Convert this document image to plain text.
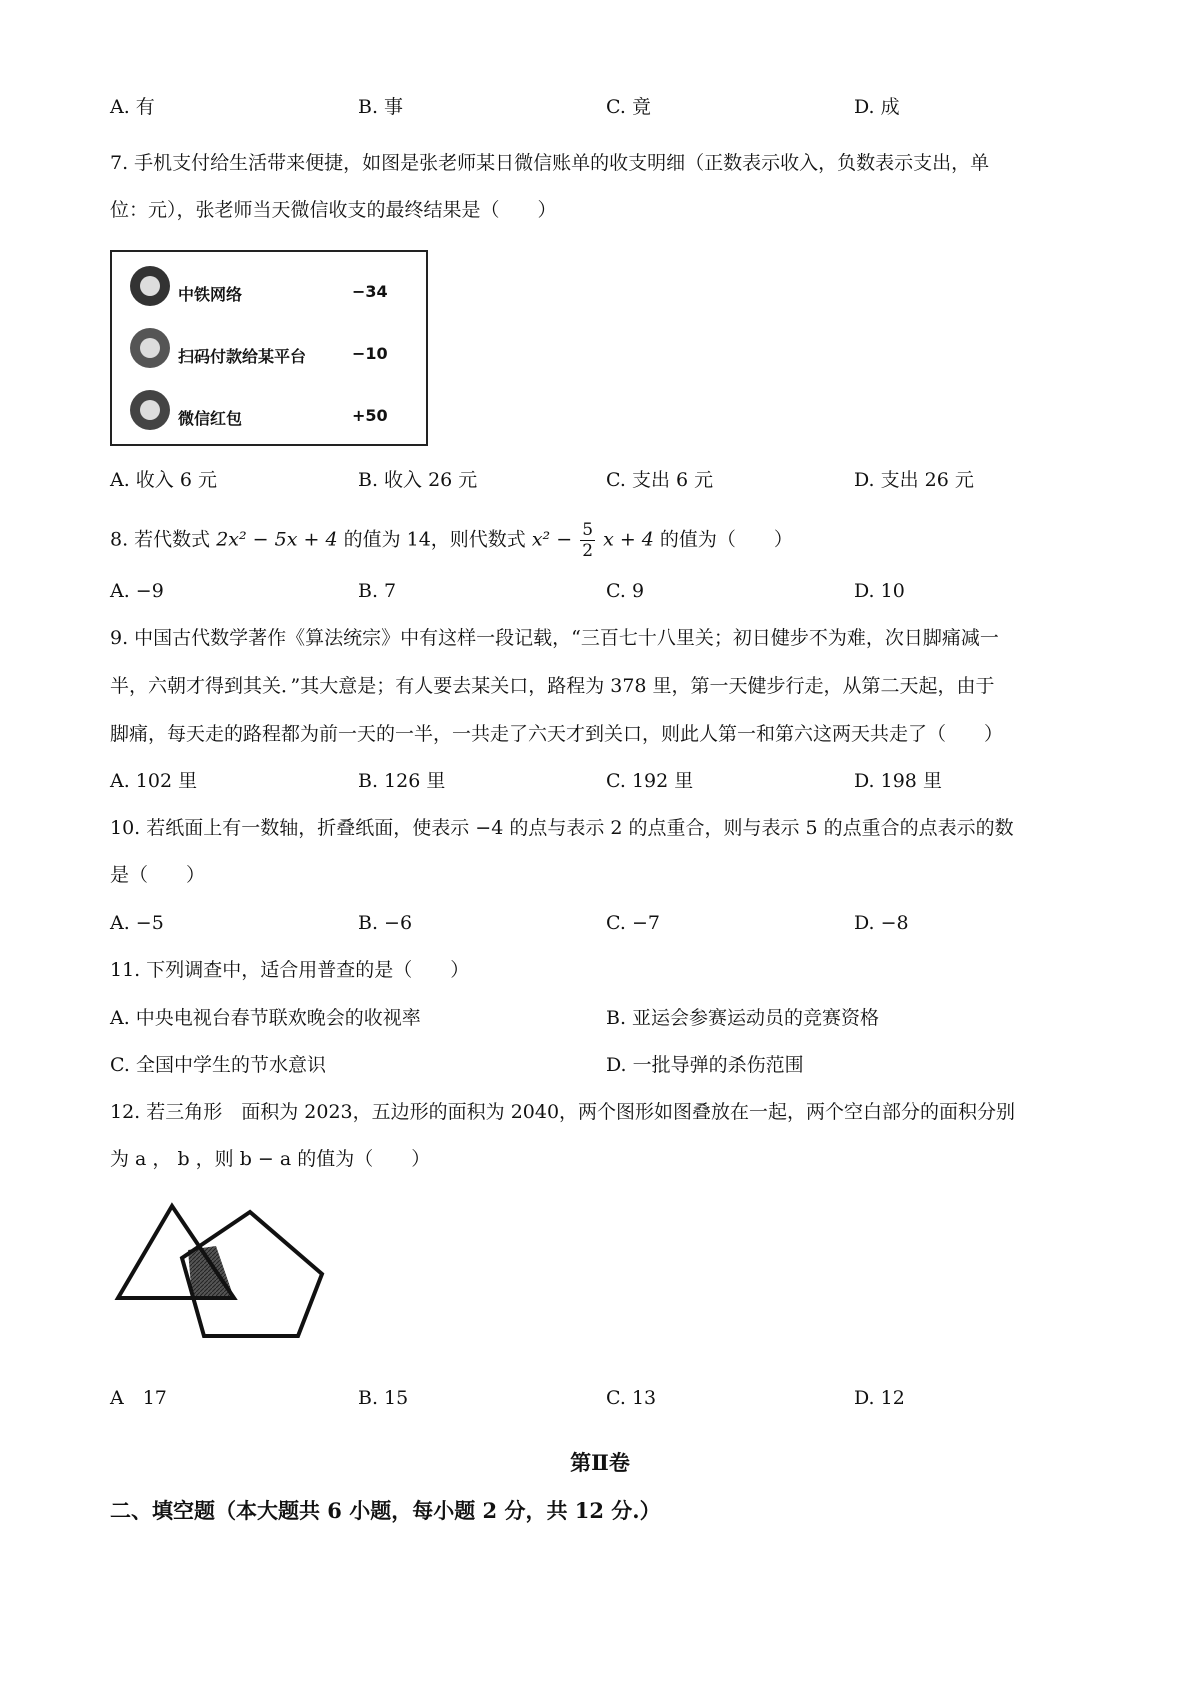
A. 有	B. 事	C. 竟	D. 成
7. 手机支付给生活带来便捷，如图是张老师某日微信账单的收支明细（正数表示收入，负数表示支出，单
位：元），张老师当天微信收支的最终结果是（　　）
中铁网络	−34
扫码付款给某平台	−10
微信红包	+50
A. 收入 6 元	B. 收入 26 元	C. 支出 6 元	D. 支出 26 元
8. 若代数式 2x² − 5x + 4 的值为 14，则代数式 $x^2 - \frac{5}{2}$ x + 4 的值为（　　）
A. −9	B. 7	C. 9	D. 10
9. 中国古代数学著作《算法统宗》中有这样一段记载，“三百七十八里关；初日健步不为难，次日脚痛减一
半，六朝才得到其关．”其大意是；有人要去某关口，路程为 378 里，第一天健步行走，从第二天起，由于
脚痛，每天走的路程都为前一天的一半，一共走了六天才到关口，则此人第一和第六这两天共走了（　　）
A. 102 里	B. 126 里	C. 192 里	D. 198 里
10. 若纸面上有一数轴，折叠纸面，使表示 −4 的点与表示 2 的点重合，则与表示 5 的点重合的点表示的数
是（　　）
A. −5	B. −6	C. −7	D. −8
11. 下列调查中，适合用普查的是（　　）
A. 中央电视台春节联欢晚会的收视率	B. 亚运会参赛运动员的竞赛资格
C. 全国中学生的节水意识	D. 一批导弹的杀伤范围
12. 若三角形　面积为 2023，五边形的面积为 2040，两个图形如图叠放在一起，两个空白部分的面积分别
为 a ， b ，则 b − a 的值为（　　）
A　17	B. 15	C. 13	D. 12
第Ⅱ卷
二、填空题（本大题共 6 小题，每小题 2 分，共 12 分.）
